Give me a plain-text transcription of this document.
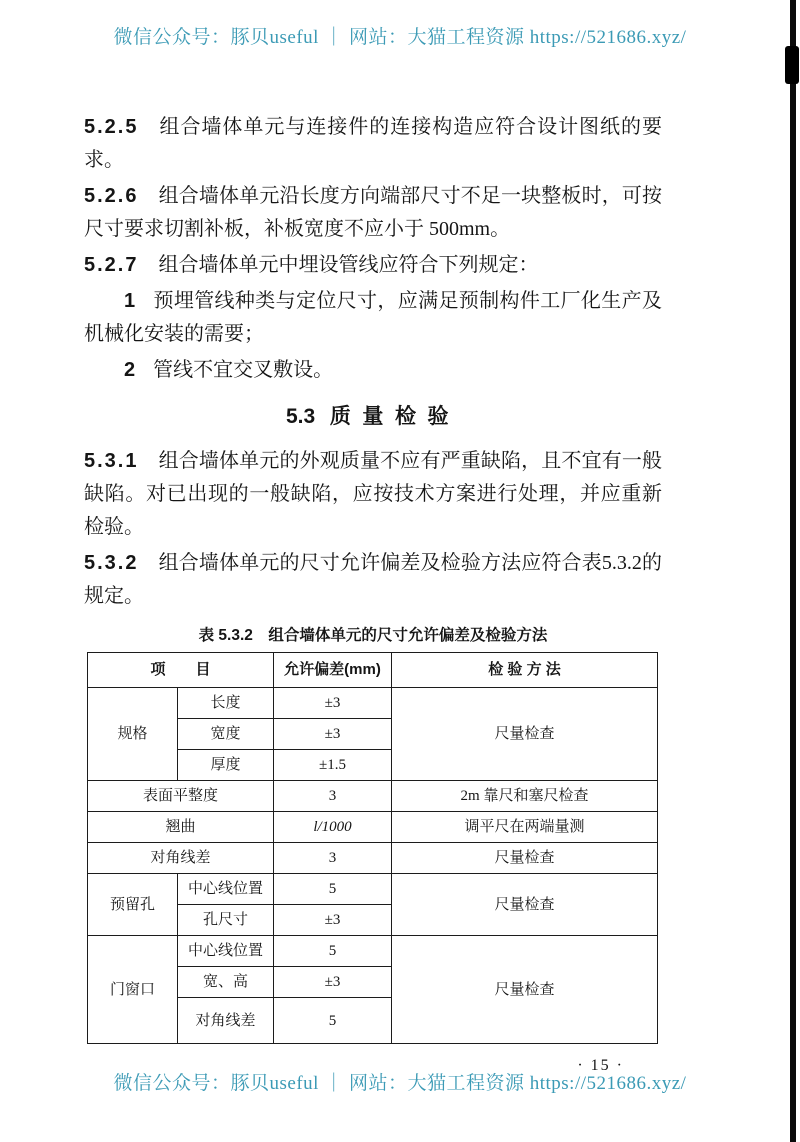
微信公众号：豚贝useful ｜ 网站：大猫工程资源 https://521686.xyz/

5.2.5 组合墙体单元与连接件的连接构造应符合设计图纸的要求。

5.2.6 组合墙体单元沿长度方向端部尺寸不足一块整板时，可按尺寸要求切割补板，补板宽度不应小于 500mm。

5.2.7 组合墙体单元中埋设管线应符合下列规定：

1 预埋管线种类与定位尺寸，应满足预制构件工厂化生产及机械化安装的需要；

2 管线不宜交叉敷设。

5.3 质量检验

5.3.1 组合墙体单元的外观质量不应有严重缺陷，且不宜有一般缺陷。对已出现的一般缺陷，应按技术方案进行处理，并应重新检验。

5.3.2 组合墙体单元的尺寸允许偏差及检验方法应符合表5.3.2的规定。

表 5.3.2　组合墙体单元的尺寸允许偏差及检验方法
项　　目		允许偏差(mm)	检 验 方 法
规格	长度	±3	尺量检查
	宽度	±3	
	厚度	±1.5	
表面平整度		3	2m 靠尺和塞尺检查
翘曲		l/1000	调平尺在两端量测
对角线差		3	尺量检查
预留孔	中心线位置	5	尺量检查
	孔尺寸	±3	
门窗口	中心线位置	5	尺量检查
	宽、高	±3	
	对角线差	5	
· 15 ·
微信公众号：豚贝useful ｜ 网站：大猫工程资源 https://521686.xyz/
